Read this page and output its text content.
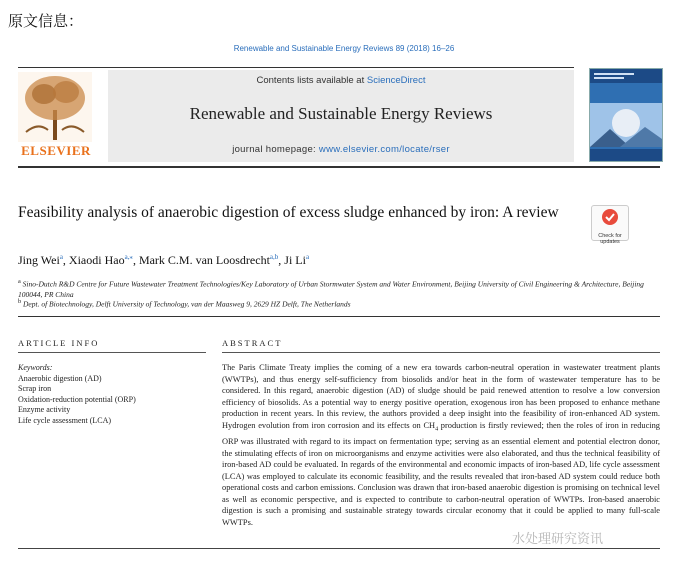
原文信息：
Renewable and Sustainable Energy Reviews 89 (2018) 16–26
ELSEVIER
Contents lists available at ScienceDirect
Renewable and Sustainable Energy Reviews
journal homepage: www.elsevier.com/locate/rser
Feasibility analysis of anaerobic digestion of excess sludge enhanced by iron: A review
Check for updates
Jing Wei$^a$, Xiaodi Hao$^{a,⁎}$, Mark C.M. van Loosdrecht$^{a,b}$, Ji Li$^a$
$^a$ Sino-Dutch R&D Centre for Future Wastewater Treatment Technologies/Key Laboratory of Urban Stormwater System and Water Environment, Beijing University of Civil Engineering & Architecture, Beijing 100044, PR China
$^b$ Dept. of Biotechnology, Delft University of Technology, van der Maasweg 9, 2629 HZ Delft, The Netherlands
ARTICLE INFO	ABSTRACT
Keywords:
Anaerobic digestion (AD)
Scrap iron
Oxidation-reduction potential (ORP)
Enzyme activity
Life cycle assessment (LCA)
The Paris Climate Treaty implies the coming of a new era towards carbon-neutral operation in wastewater treatment plants (WWTPs), and thus energy self-sufficiency from biosolids and/or heat in the form of wastewater temperature has to be considered. In this regard, anaerobic digestion (AD) of sludge should be paid renewed attention to resolve a low conversion efficiency of biosolids. As a potential way to energy positive operation, exogenous iron has been proposed to enhance methane production in recent years. In this review, the authors provided a deep insight into the feasibility of iron-enhanced AD system. Hydrogen evolution from iron corrosion and its effects on $CH_4$ production is firstly reviewed; then the roles of iron in reducing ORP was illustrated with regard to its impact on fermentation type; serving as an essential element and potential electron donor, the stimulating effects of iron on microorganisms and enzyme activities were also elaborated, and thus the technical feasibility of iron-based AD could be evaluated. In regards of the environmental and economic impacts of iron-based AD, life cycle assessment (LCA) was employed to calculate its economic feasibility, and the results revealed that iron-based AD system could reduce both operational costs and carbon emissions. Conclusion was drawn that iron-based anaerobic digestion is promising on technical level as well as economic perspective, and is expected to contribute to carbon-neutral operation of WWTPs. Iron-based anaerobic digestion is such a promising and sustainable strategy towards circular economy that it could be applied to many full-scale WWTPs.
水处理研究资讯
